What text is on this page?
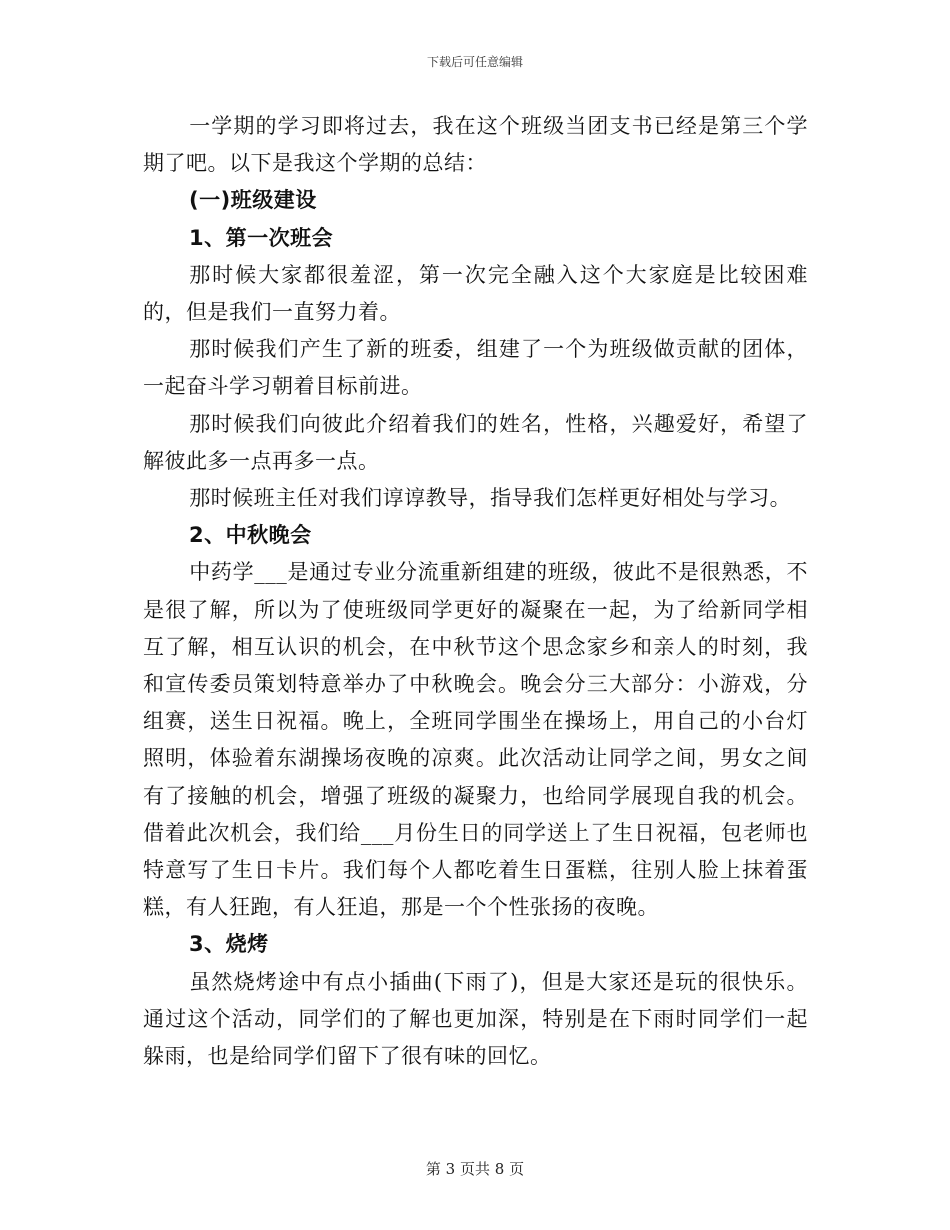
下载后可任意编辑

一学期的学习即将过去，我在这个班级当团支书已经是第三个学期了吧。以下是我这个学期的总结：

(一)班级建设

1、第一次班会

那时候大家都很羞涩，第一次完全融入这个大家庭是比较困难的，但是我们一直努力着。

那时候我们产生了新的班委，组建了一个为班级做贡献的团体，一起奋斗学习朝着目标前进。

那时候我们向彼此介绍着我们的姓名，性格，兴趣爱好，希望了解彼此多一点再多一点。

那时候班主任对我们谆谆教导，指导我们怎样更好相处与学习。

2、中秋晚会

中药学___是通过专业分流重新组建的班级，彼此不是很熟悉，不是很了解，所以为了使班级同学更好的凝聚在一起，为了给新同学相互了解，相互认识的机会，在中秋节这个思念家乡和亲人的时刻，我和宣传委员策划特意举办了中秋晚会。晚会分三大部分：小游戏，分组赛，送生日祝福。晚上，全班同学围坐在操场上，用自己的小台灯照明，体验着东湖操场夜晚的凉爽。此次活动让同学之间，男女之间有了接触的机会，增强了班级的凝聚力，也给同学展现自我的机会。借着此次机会，我们给___月份生日的同学送上了生日祝福，包老师也特意写了生日卡片。我们每个人都吃着生日蛋糕，往别人脸上抹着蛋糕，有人狂跑，有人狂追，那是一个个性张扬的夜晚。

3、烧烤

虽然烧烤途中有点小插曲(下雨了)，但是大家还是玩的很快乐。通过这个活动，同学们的了解也更加深，特别是在下雨时同学们一起躲雨，也是给同学们留下了很有味的回忆。

第 3 页共 8 页
